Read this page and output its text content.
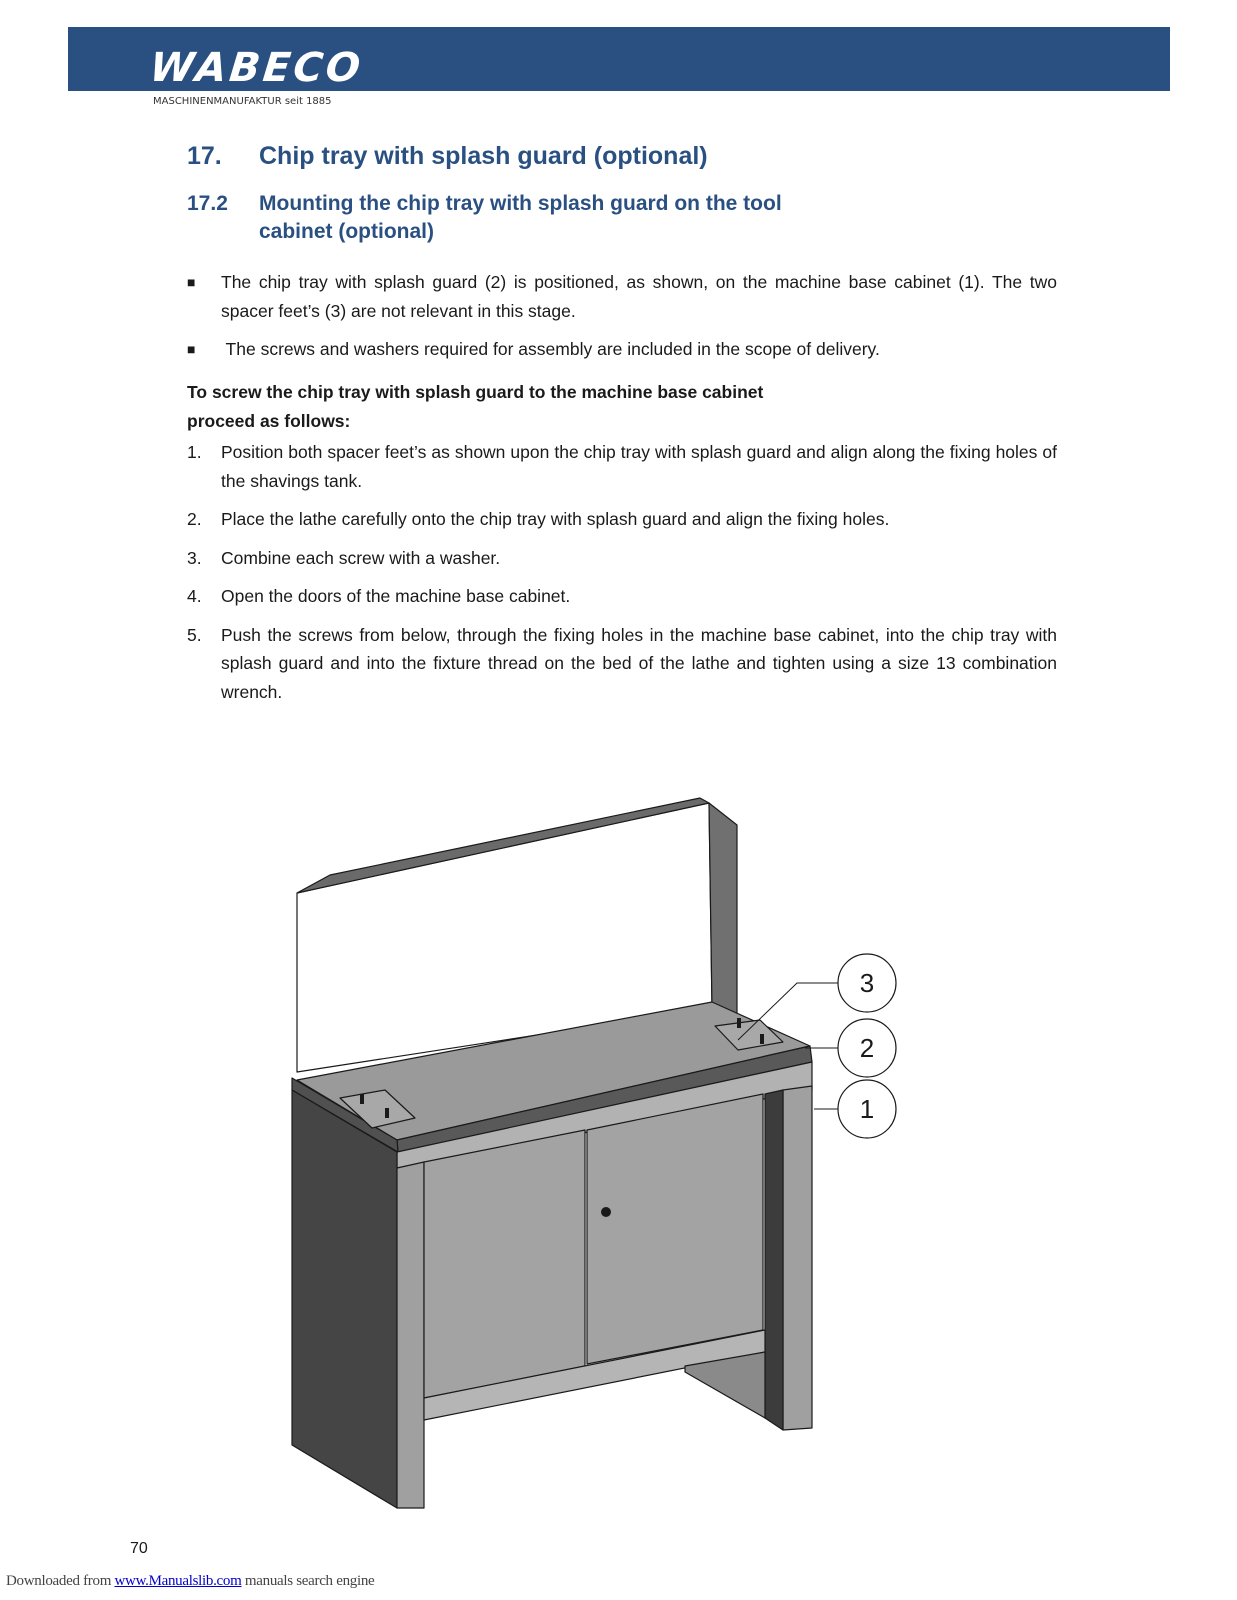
WABECO
MASCHINENMANUFAKTUR seit 1885
17.	Chip tray with splash guard (optional)
17.2	Mounting the chip tray with splash guard on the tool cabinet (optional)
■	The chip tray with splash guard (2) is positioned, as shown, on the machine base cabinet (1). The two spacer feet’s (3) are not relevant in this stage.
■	The screws and washers required for assembly are included in the scope of delivery.
To screw the chip tray with splash guard to the machine base cabinet
proceed as follows:
1.	Position both spacer feet’s as shown upon the chip tray with splash guard and align along the fixing holes of the shavings tank.
2.	Place the lathe carefully onto the chip tray with splash guard and align the fixing holes.
3.	Combine each screw with a washer.
4.	Open the doors of the machine base cabinet.
5.	Push the screws from below, through the fixing holes in the machine base cabinet, into the chip tray with splash guard and into the fixture thread on the bed of the lathe and tighten using a size 13 combination wrench.
3
2
1
70
Downloaded from www.Manualslib.com manuals search engine
